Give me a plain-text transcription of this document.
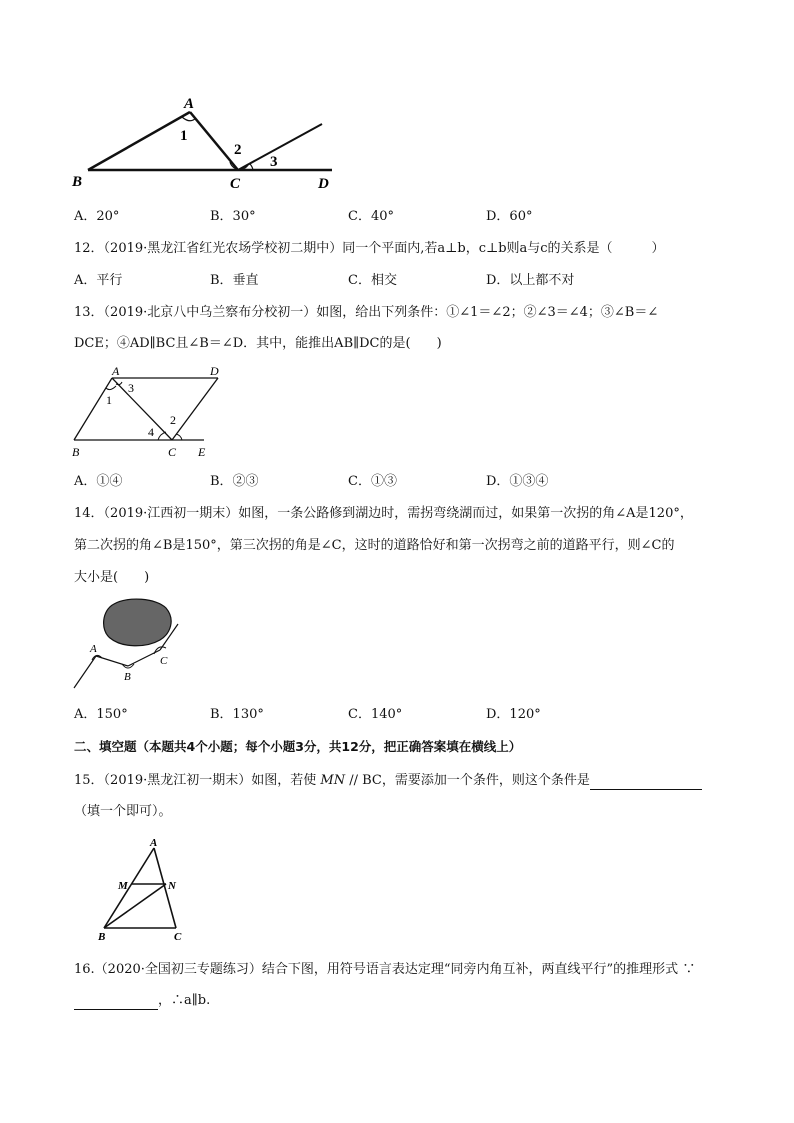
A
B	C	D
1
2
3
A．20°	B．30°	C．40°	D．60°
12．（2019·黑龙江省红光农场学校初二期中）同一个平面内,若a⊥b，c⊥b则a与c的关系是（　　　）
A．平行	B．垂直	C．相交	D．以上都不对
13．（2019·北京八中乌兰察布分校初一）如图，给出下列条件：①∠1＝∠2；②∠3＝∠4；③∠B＝∠
DCE；④AD∥BC且∠B＝∠D．其中，能推出AB∥DC的是(　　)
A	D
B	C E
1
2
3
4
A．①④	B．②③	C．①③	D．①③④
14．（2019·江西初一期末）如图，一条公路修到湖边时，需拐弯绕湖而过，如果第一次拐的角∠A是120°，
第二次拐的角∠B是150°，第三次拐的角是∠C，这时的道路恰好和第一次拐弯之前的道路平行，则∠C的
大小是(　　)
A
B
C
A．150°	B．130°	C．140°	D．120°
二、填空题（本题共4个小题；每个小题3分，共12分，把正确答案填在横线上）
15．（2019·黑龙江初一期末）如图，若使 MN // BC，需要添加一个条件，则这个条件是
（填一个即可）。
A
M	N
B	C
16.（2020·全国初三专题练习）结合下图，用符号语言表达定理“同旁内角互补，两直线平行”的推理形式 ∵
，∴a∥b.
